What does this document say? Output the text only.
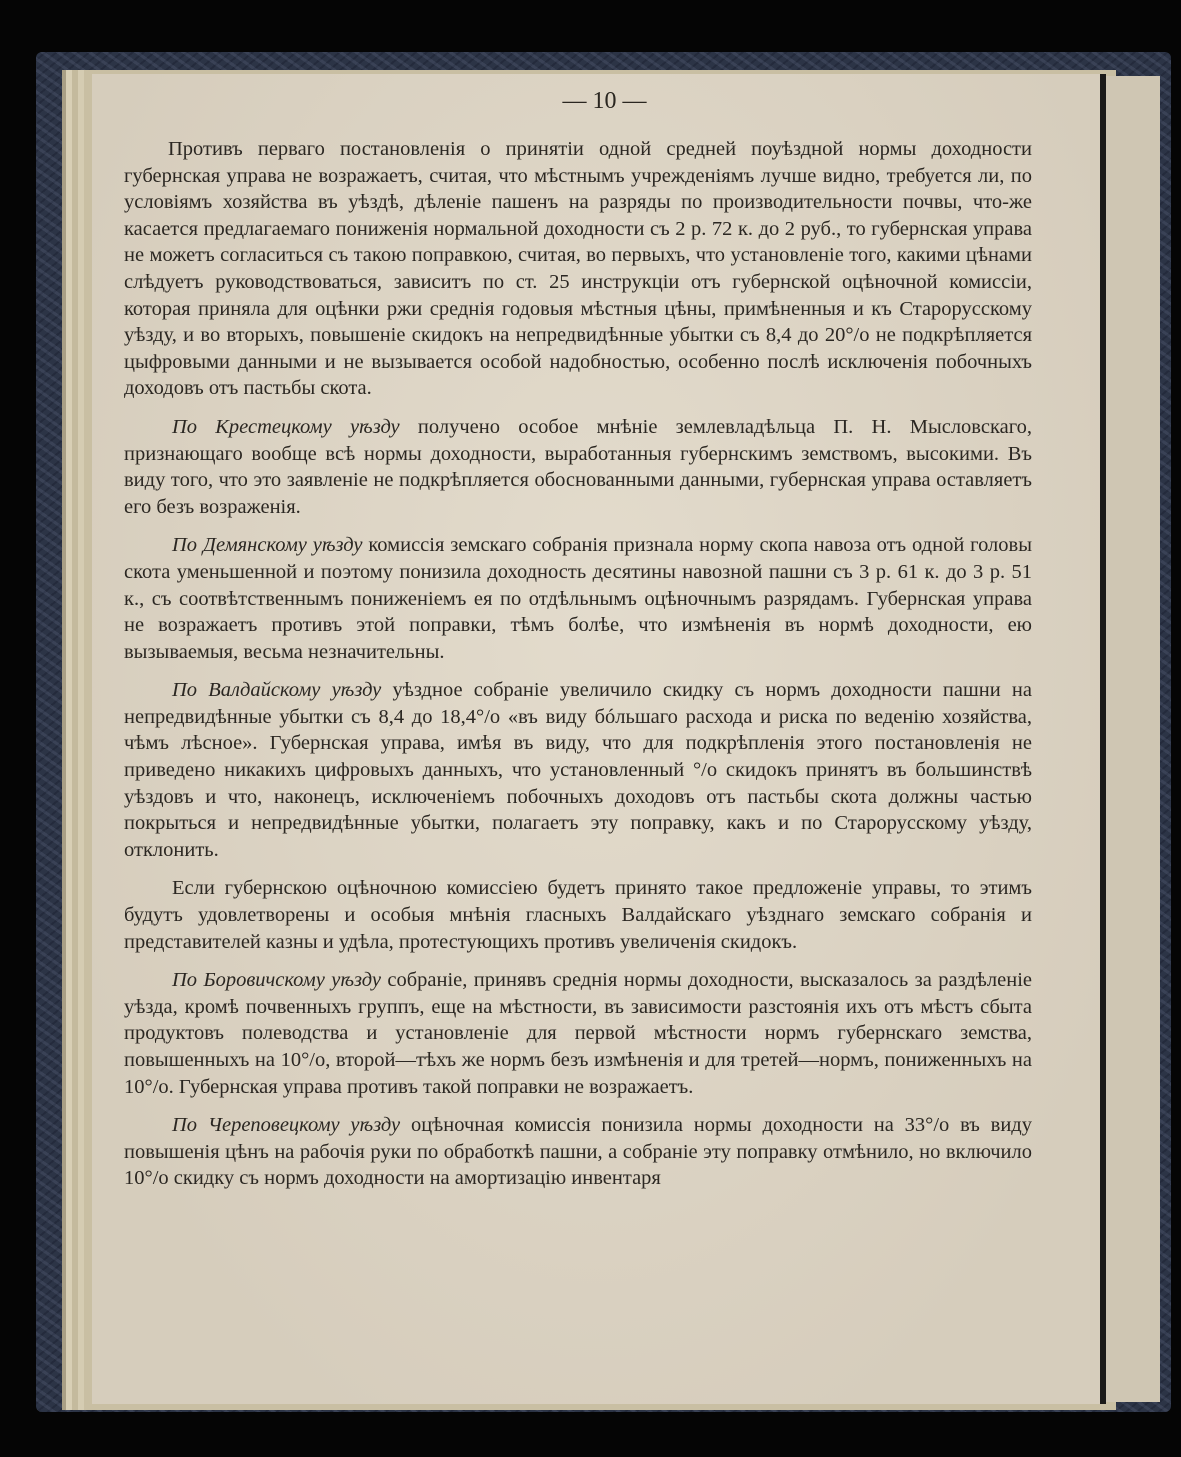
— 10 —

Противъ перваго постановленія о принятіи одной средней поуѣздной нормы доходности губернская управа не возражаетъ, считая, что мѣстнымъ учрежденіямъ лучше видно, требуется ли, по условіямъ хозяйства въ уѣздѣ, дѣленіе пашенъ на разряды по производительности почвы, что-же касается предлагаемаго пониженія нормальной доходности съ 2 р. 72 к. до 2 руб., то губернская управа не можетъ согласиться съ такою поправкою, считая, во первыхъ, что установленіе того, какими цѣнами слѣдуетъ руководствоваться, зависитъ по ст. 25 инструкціи отъ губернской оцѣночной комиссіи, которая приняла для оцѣнки ржи среднія годовыя мѣстныя цѣны, примѣненныя и къ Старорусскому уѣзду, и во вторыхъ, повышеніе скидокъ на непредвидѣнные убытки съ 8,4 до 20°/о не подкрѣпляется цыфровыми данными и не вызывается особой надобностью, особенно послѣ исключенія побочныхъ доходовъ отъ пастьбы скота.

По Крестецкому уѣзду получено особое мнѣніе землевладѣльца П. Н. Мысловскаго, признающаго вообще всѣ нормы доходности, выработанныя губернскимъ земствомъ, высокими. Въ виду того, что это заявленіе не подкрѣпляется обоснованными данными, губернская управа оставляетъ его безъ возраженія.

По Демянскому уѣзду комиссія земскаго собранія признала норму скопа навоза отъ одной головы скота уменьшенной и поэтому понизила доходность десятины навозной пашни съ 3 р. 61 к. до 3 р. 51 к., съ соотвѣтственнымъ пониженіемъ ея по отдѣльнымъ оцѣночнымъ разрядамъ. Губернская управа не возражаетъ противъ этой поправки, тѣмъ болѣе, что измѣненія въ нормѣ доходности, ею вызываемыя, весьма незначительны.

По Валдайскому уѣзду уѣздное собраніе увеличило скидку съ нормъ доходности пашни на непредвидѣнные убытки съ 8,4 до 18,4°/о «въ виду бóльшаго расхода и риска по веденію хозяйства, чѣмъ лѣсное». Губернская управа, имѣя въ виду, что для подкрѣпленія этого постановленія не приведено никакихъ цифровыхъ данныхъ, что установленный °/о скидокъ принятъ въ большинствѣ уѣздовъ и что, наконецъ, исключеніемъ побочныхъ доходовъ отъ пастьбы скота должны частью покрыться и непредвидѣнные убытки, полагаетъ эту поправку, какъ и по Старорусскому уѣзду, отклонить.

Если губернскою оцѣночною комиссіею будетъ принято такое предложеніе управы, то этимъ будутъ удовлетворены и особыя мнѣнія гласныхъ Валдайскаго уѣзднаго земскаго собранія и представителей казны и удѣла, протестующихъ противъ увеличенія скидокъ.

По Боровичскому уѣзду собраніе, принявъ среднія нормы доходности, высказалось за раздѣленіе уѣзда, кромѣ почвенныхъ группъ, еще на мѣстности, въ зависимости разстоянія ихъ отъ мѣстъ сбыта продуктовъ полеводства и установленіе для первой мѣстности нормъ губернскаго земства, повышенныхъ на 10°/о, второй—тѣхъ же нормъ безъ измѣненія и для третей—нормъ, пониженныхъ на 10°/о. Губернская управа противъ такой поправки не возражаетъ.

По Череповецкому уѣзду оцѣночная комиссія понизила нормы доходности на 33°/о въ виду повышенія цѣнъ на рабочія руки по обработкѣ пашни, а собраніе эту поправку отмѣнило, но включило 10°/о скидку съ нормъ доходности на амортизацію инвентаря
